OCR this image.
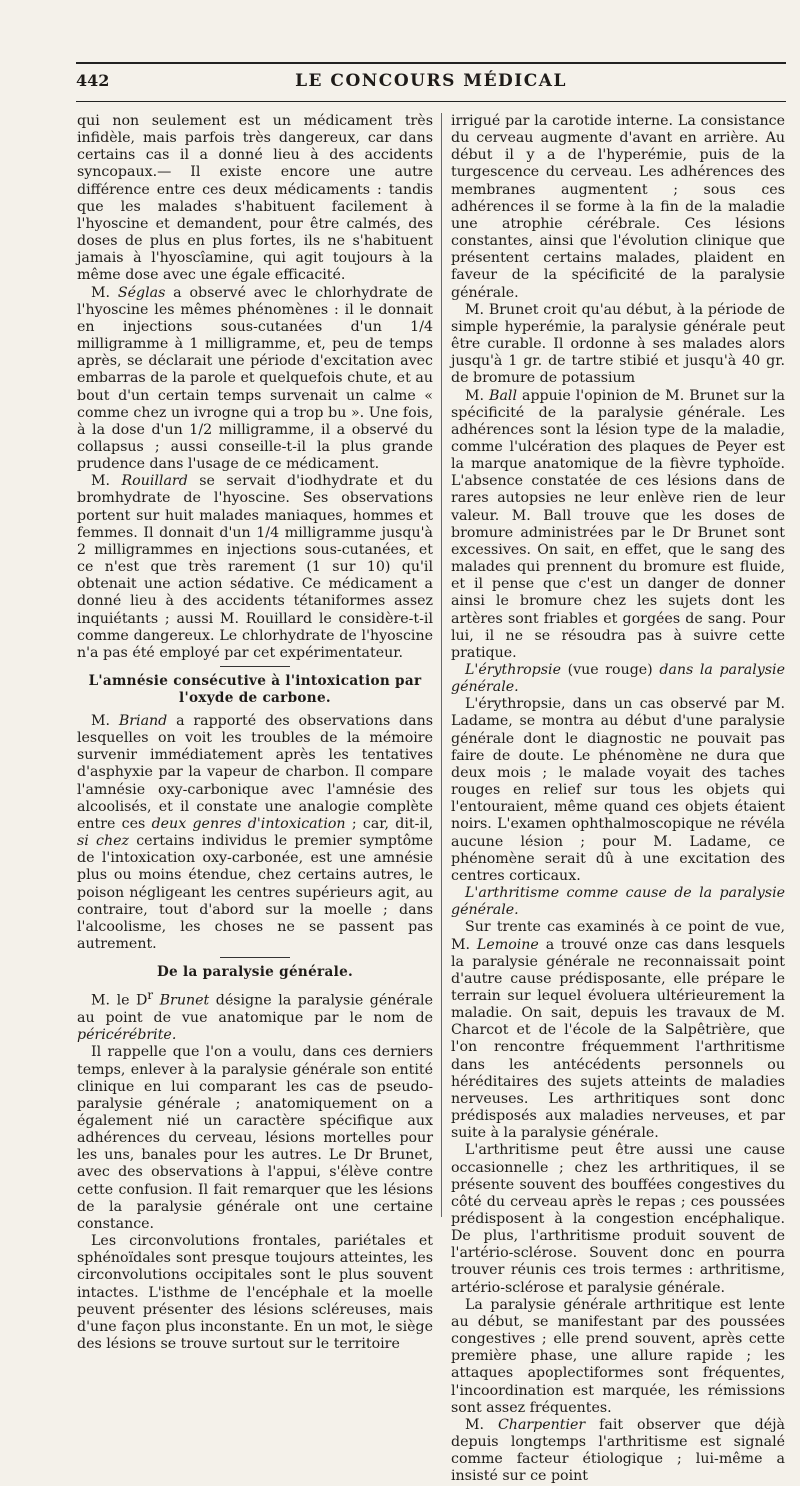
442	LE CONCOURS MÉDICAL

qui non seulement est un médicament très infidèle, mais parfois très dangereux, car dans certains cas il a donné lieu à des accidents syncopaux.— Il existe encore une autre différence entre ces deux médicaments : tandis que les malades s'habituent facilement à l'hyoscine et demandent, pour être calmés, des doses de plus en plus fortes, ils ne s'habituent jamais à l'hyoscîamine, qui agit toujours à la même dose avec une égale efficacité.

M. Séglas a observé avec le chlorhydrate de l'hyoscine les mêmes phénomènes : il le donnait en injections sous-cutanées d'un 1/4 milligramme à 1 milligramme, et, peu de temps après, se déclarait une période d'excitation avec embarras de la parole et quelquefois chute, et au bout d'un certain temps survenait un calme « comme chez un ivrogne qui a trop bu ». Une fois, à la dose d'un 1/2 milligramme, il a observé du collapsus ; aussi conseille-t-il la plus grande prudence dans l'usage de ce médicament.

M. Rouillard se servait d'iodhydrate et du bromhydrate de l'hyoscine. Ses observations portent sur huit malades maniaques, hommes et femmes. Il donnait d'un 1/4 milligramme jusqu'à 2 milligrammes en injections sous-cutanées, et ce n'est que très rarement (1 sur 10) qu'il obtenait une action sédative. Ce médicament a donné lieu à des accidents tétaniformes assez inquiétants ; aussi M. Rouillard le considère-t-il comme dangereux. Le chlorhydrate de l'hyoscine n'a pas été employé par cet expérimentateur.

L'amnésie consécutive à l'intoxication par l'oxyde de carbone.

M. Briand a rapporté des observations dans lesquelles on voit les troubles de la mémoire survenir immédiatement après les tentatives d'asphyxie par la vapeur de charbon. Il compare l'amnésie oxy-carbonique avec l'amnésie des alcoolisés, et il constate une analogie complète entre ces deux genres d'intoxication ; car, dit-il, si chez certains individus le premier symptôme de l'intoxication oxy-carbonée, est une amnésie plus ou moins étendue, chez certains autres, le poison négligeant les centres supérieurs agit, au contraire, tout d'abord sur la moelle ; dans l'alcoolisme, les choses ne se passent pas autrement.

De la paralysie générale.

M. le $D^r$ Brunet désigne la paralysie générale au point de vue anatomique par le nom de péricérébrite.

Il rappelle que l'on a voulu, dans ces derniers temps, enlever à la paralysie générale son entité clinique en lui comparant les cas de pseudo-paralysie générale ; anatomiquement on a également nié un caractère spécifique aux adhérences du cerveau, lésions mortelles pour les uns, banales pour les autres. Le Dr Brunet, avec des observations à l'appui, s'élève contre cette confusion. Il fait remarquer que les lésions de la paralysie générale ont une certaine constance.

Les circonvolutions frontales, pariétales et sphénoïdales sont presque toujours atteintes, les circonvolutions occipitales sont le plus souvent intactes. L'isthme de l'encéphale et la moelle peuvent présenter des lésions scléreuses, mais d'une façon plus inconstante. En un mot, le siège des lésions se trouve surtout sur le territoire

irrigué par la carotide interne. La consistance du cerveau augmente d'avant en arrière. Au début il y a de l'hyperémie, puis de la turgescence du cerveau. Les adhérences des membranes augmentent ; sous ces adhérences il se forme à la fin de la maladie une atrophie cérébrale. Ces lésions constantes, ainsi que l'évolution clinique que présentent certains malades, plaident en faveur de la spécificité de la paralysie générale.

M. Brunet croit qu'au début, à la période de simple hyperémie, la paralysie générale peut être curable. Il ordonne à ses malades alors jusqu'à 1 gr. de tartre stibié et jusqu'à 40 gr. de bromure de potassium

M. Ball appuie l'opinion de M. Brunet sur la spécificité de la paralysie générale. Les adhérences sont la lésion type de la maladie, comme l'ulcération des plaques de Peyer est la marque anatomique de la fièvre typhoïde. L'absence constatée de ces lésions dans de rares autopsies ne leur enlève rien de leur valeur. M. Ball trouve que les doses de bromure administrées par le Dr Brunet sont excessives. On sait, en effet, que le sang des malades qui prennent du bromure est fluide, et il pense que c'est un danger de donner ainsi le bromure chez les sujets dont les artères sont friables et gorgées de sang. Pour lui, il ne se résoudra pas à suivre cette pratique.

L'érythropsie (vue rouge) dans la paralysie générale.

L'érythropsie, dans un cas observé par M. Ladame, se montra au début d'une paralysie générale dont le diagnostic ne pouvait pas faire de doute. Le phénomène ne dura que deux mois ; le malade voyait des taches rouges en relief sur tous les objets qui l'entouraient, même quand ces objets étaient noirs. L'examen ophthalmoscopique ne révéla aucune lésion ; pour M. Ladame, ce phénomène serait dû à une excitation des centres corticaux.

L'arthritisme comme cause de la paralysie générale.

Sur trente cas examinés à ce point de vue, M. Lemoine a trouvé onze cas dans lesquels la paralysie générale ne reconnaissait point d'autre cause prédisposante, elle prépare le terrain sur lequel évoluera ultérieurement la maladie. On sait, depuis les travaux de M. Charcot et de l'école de la Salpêtrière, que l'on rencontre fréquemment l'arthritisme dans les antécédents personnels ou héréditaires des sujets atteints de maladies nerveuses. Les arthritiques sont donc prédisposés aux maladies nerveuses, et par suite à la paralysie générale.

L'arthritisme peut être aussi une cause occasionnelle ; chez les arthritiques, il se présente souvent des bouffées congestives du côté du cerveau après le repas ; ces poussées prédisposent à la congestion encéphalique. De plus, l'arthritisme produit souvent de l'artério-sclérose. Souvent donc en pourra trouver réunis ces trois termes : arthritisme, artério-sclérose et paralysie générale.

La paralysie générale arthritique est lente au début, se manifestant par des poussées congestives ; elle prend souvent, après cette première phase, une allure rapide ; les attaques apoplectiformes sont fréquentes, l'incoordination est marquée, les rémissions sont assez fréquentes.

M. Charpentier fait observer que déjà depuis longtemps l'arthritisme est signalé comme facteur étiologique ; lui-même a insisté sur ce point
